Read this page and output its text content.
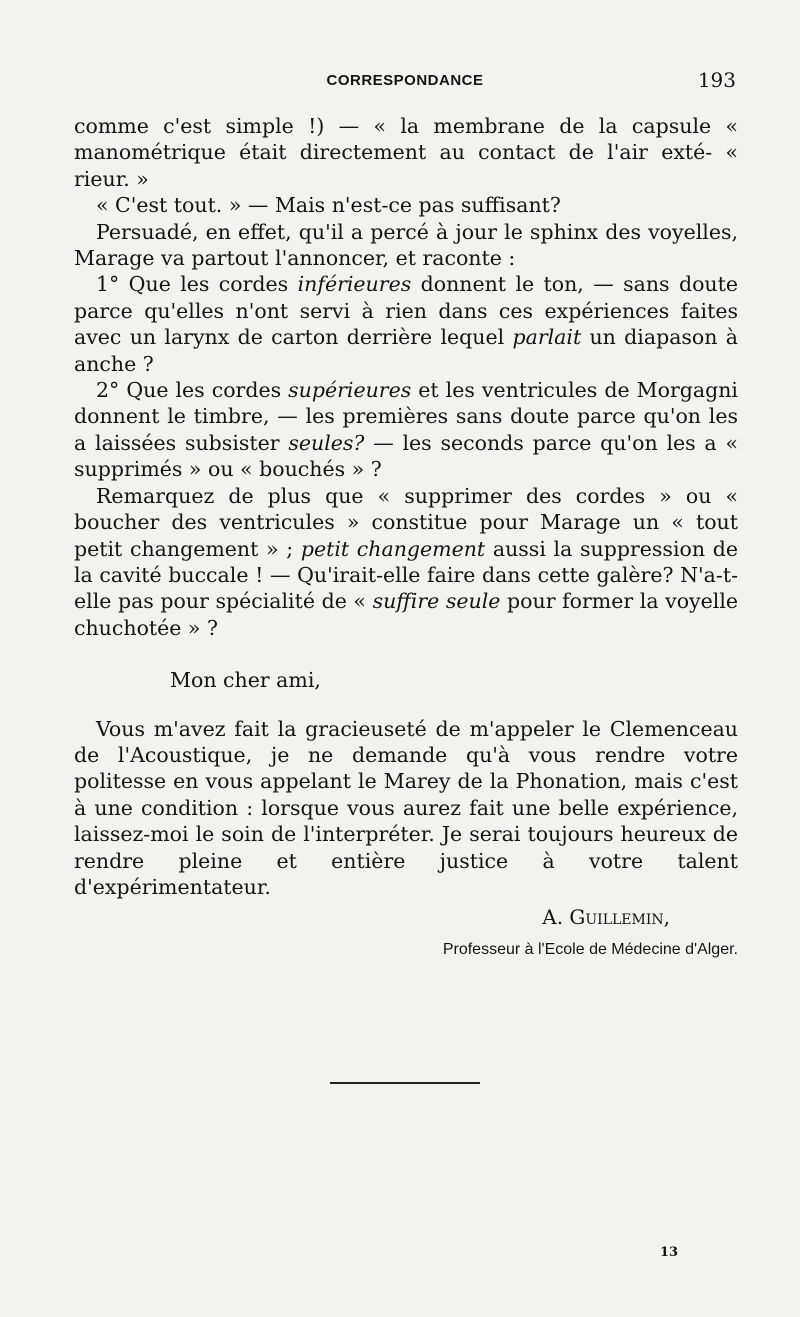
CORRESPONDANCE	193

comme c'est simple !) — « la membrane de la capsule « manométrique était directement au contact de l'air exté- « rieur. »

« C'est tout. » — Mais n'est-ce pas suffisant?

Persuadé, en effet, qu'il a percé à jour le sphinx des voyelles, Marage va partout l'annoncer, et raconte :

1° Que les cordes inférieures donnent le ton, — sans doute parce qu'elles n'ont servi à rien dans ces expériences faites avec un larynx de carton derrière lequel parlait un diapason à anche ?

2° Que les cordes supérieures et les ventricules de Morgagni donnent le timbre, — les premières sans doute parce qu'on les a laissées subsister seules? — les seconds parce qu'on les a « supprimés » ou « bouchés » ?

Remarquez de plus que « supprimer des cordes » ou « boucher des ventricules » constitue pour Marage un « tout petit changement » ; petit changement aussi la suppression de la cavité buccale ! — Qu'irait-elle faire dans cette galère? N'a-t-elle pas pour spécialité de « suffire seule pour former la voyelle chuchotée » ?

Mon cher ami,

Vous m'avez fait la gracieuseté de m'appeler le Clemenceau de l'Acoustique, je ne demande qu'à vous rendre votre politesse en vous appelant le Marey de la Phonation, mais c'est à une condition : lorsque vous aurez fait une belle expérience, laissez-moi le soin de l'interpréter. Je serai toujours heureux de rendre pleine et entière justice à votre talent d'expérimentateur.

A. Guillemin,

Professeur à l'Ecole de Médecine d'Alger.

13
